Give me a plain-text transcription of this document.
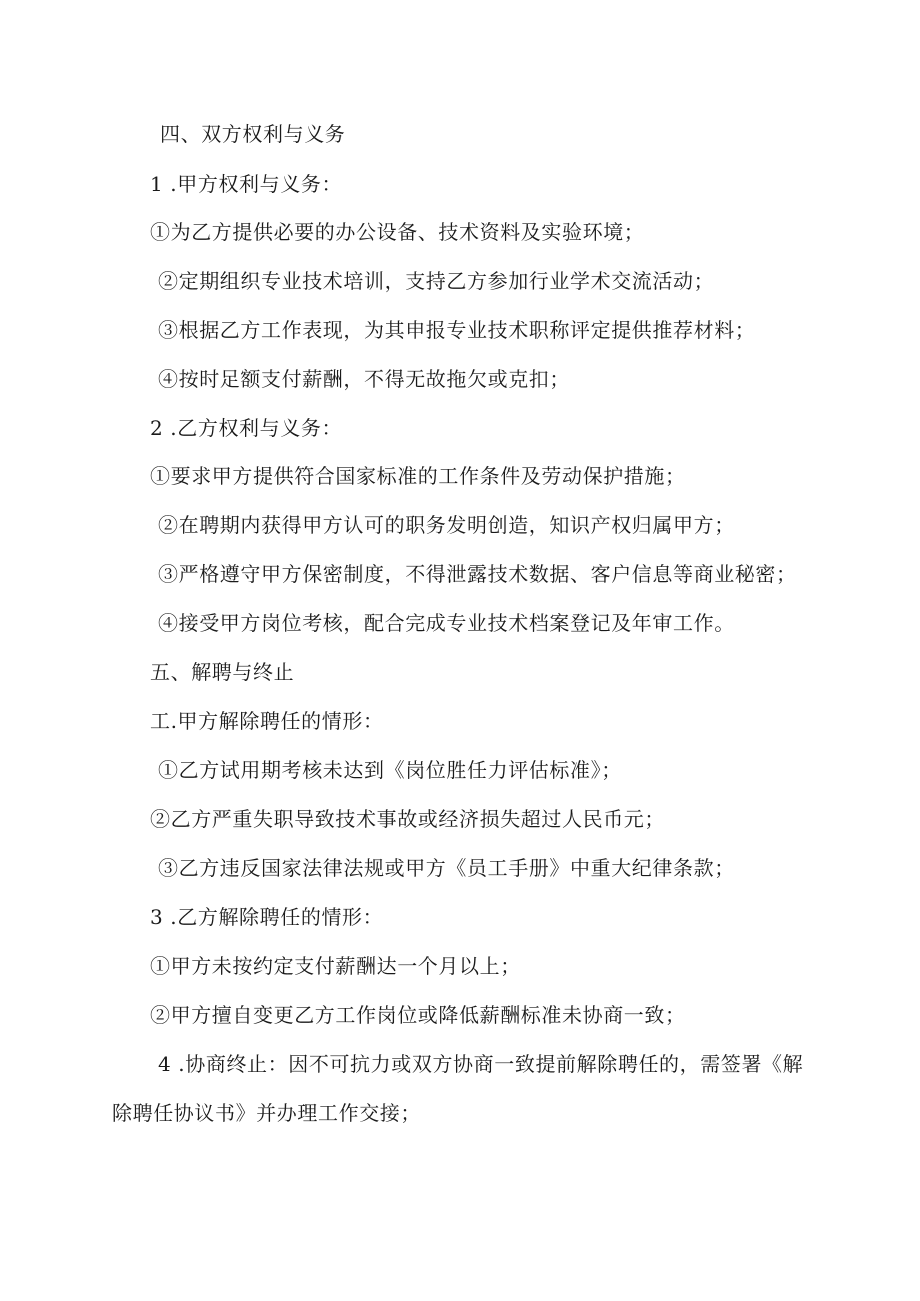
四、双方权利与义务
1 .甲方权利与义务：
①为乙方提供必要的办公设备、技术资料及实验环境；
②定期组织专业技术培训，支持乙方参加行业学术交流活动；
③根据乙方工作表现，为其申报专业技术职称评定提供推荐材料；
④按时足额支付薪酬，不得无故拖欠或克扣；
2 .乙方权利与义务：
①要求甲方提供符合国家标准的工作条件及劳动保护措施；
②在聘期内获得甲方认可的职务发明创造，知识产权归属甲方；
③严格遵守甲方保密制度，不得泄露技术数据、客户信息等商业秘密；
④接受甲方岗位考核，配合完成专业技术档案登记及年审工作。
五、解聘与终止
工.甲方解除聘任的情形：
①乙方试用期考核未达到《岗位胜任力评估标准》；
②乙方严重失职导致技术事故或经济损失超过人民币元；
③乙方违反国家法律法规或甲方《员工手册》中重大纪律条款；
3 .乙方解除聘任的情形：
①甲方未按约定支付薪酬达一个月以上；
②甲方擅自变更乙方工作岗位或降低薪酬标准未协商一致；
4 .协商终止：因不可抗力或双方协商一致提前解除聘任的，需签署《解
除聘任协议书》并办理工作交接；
